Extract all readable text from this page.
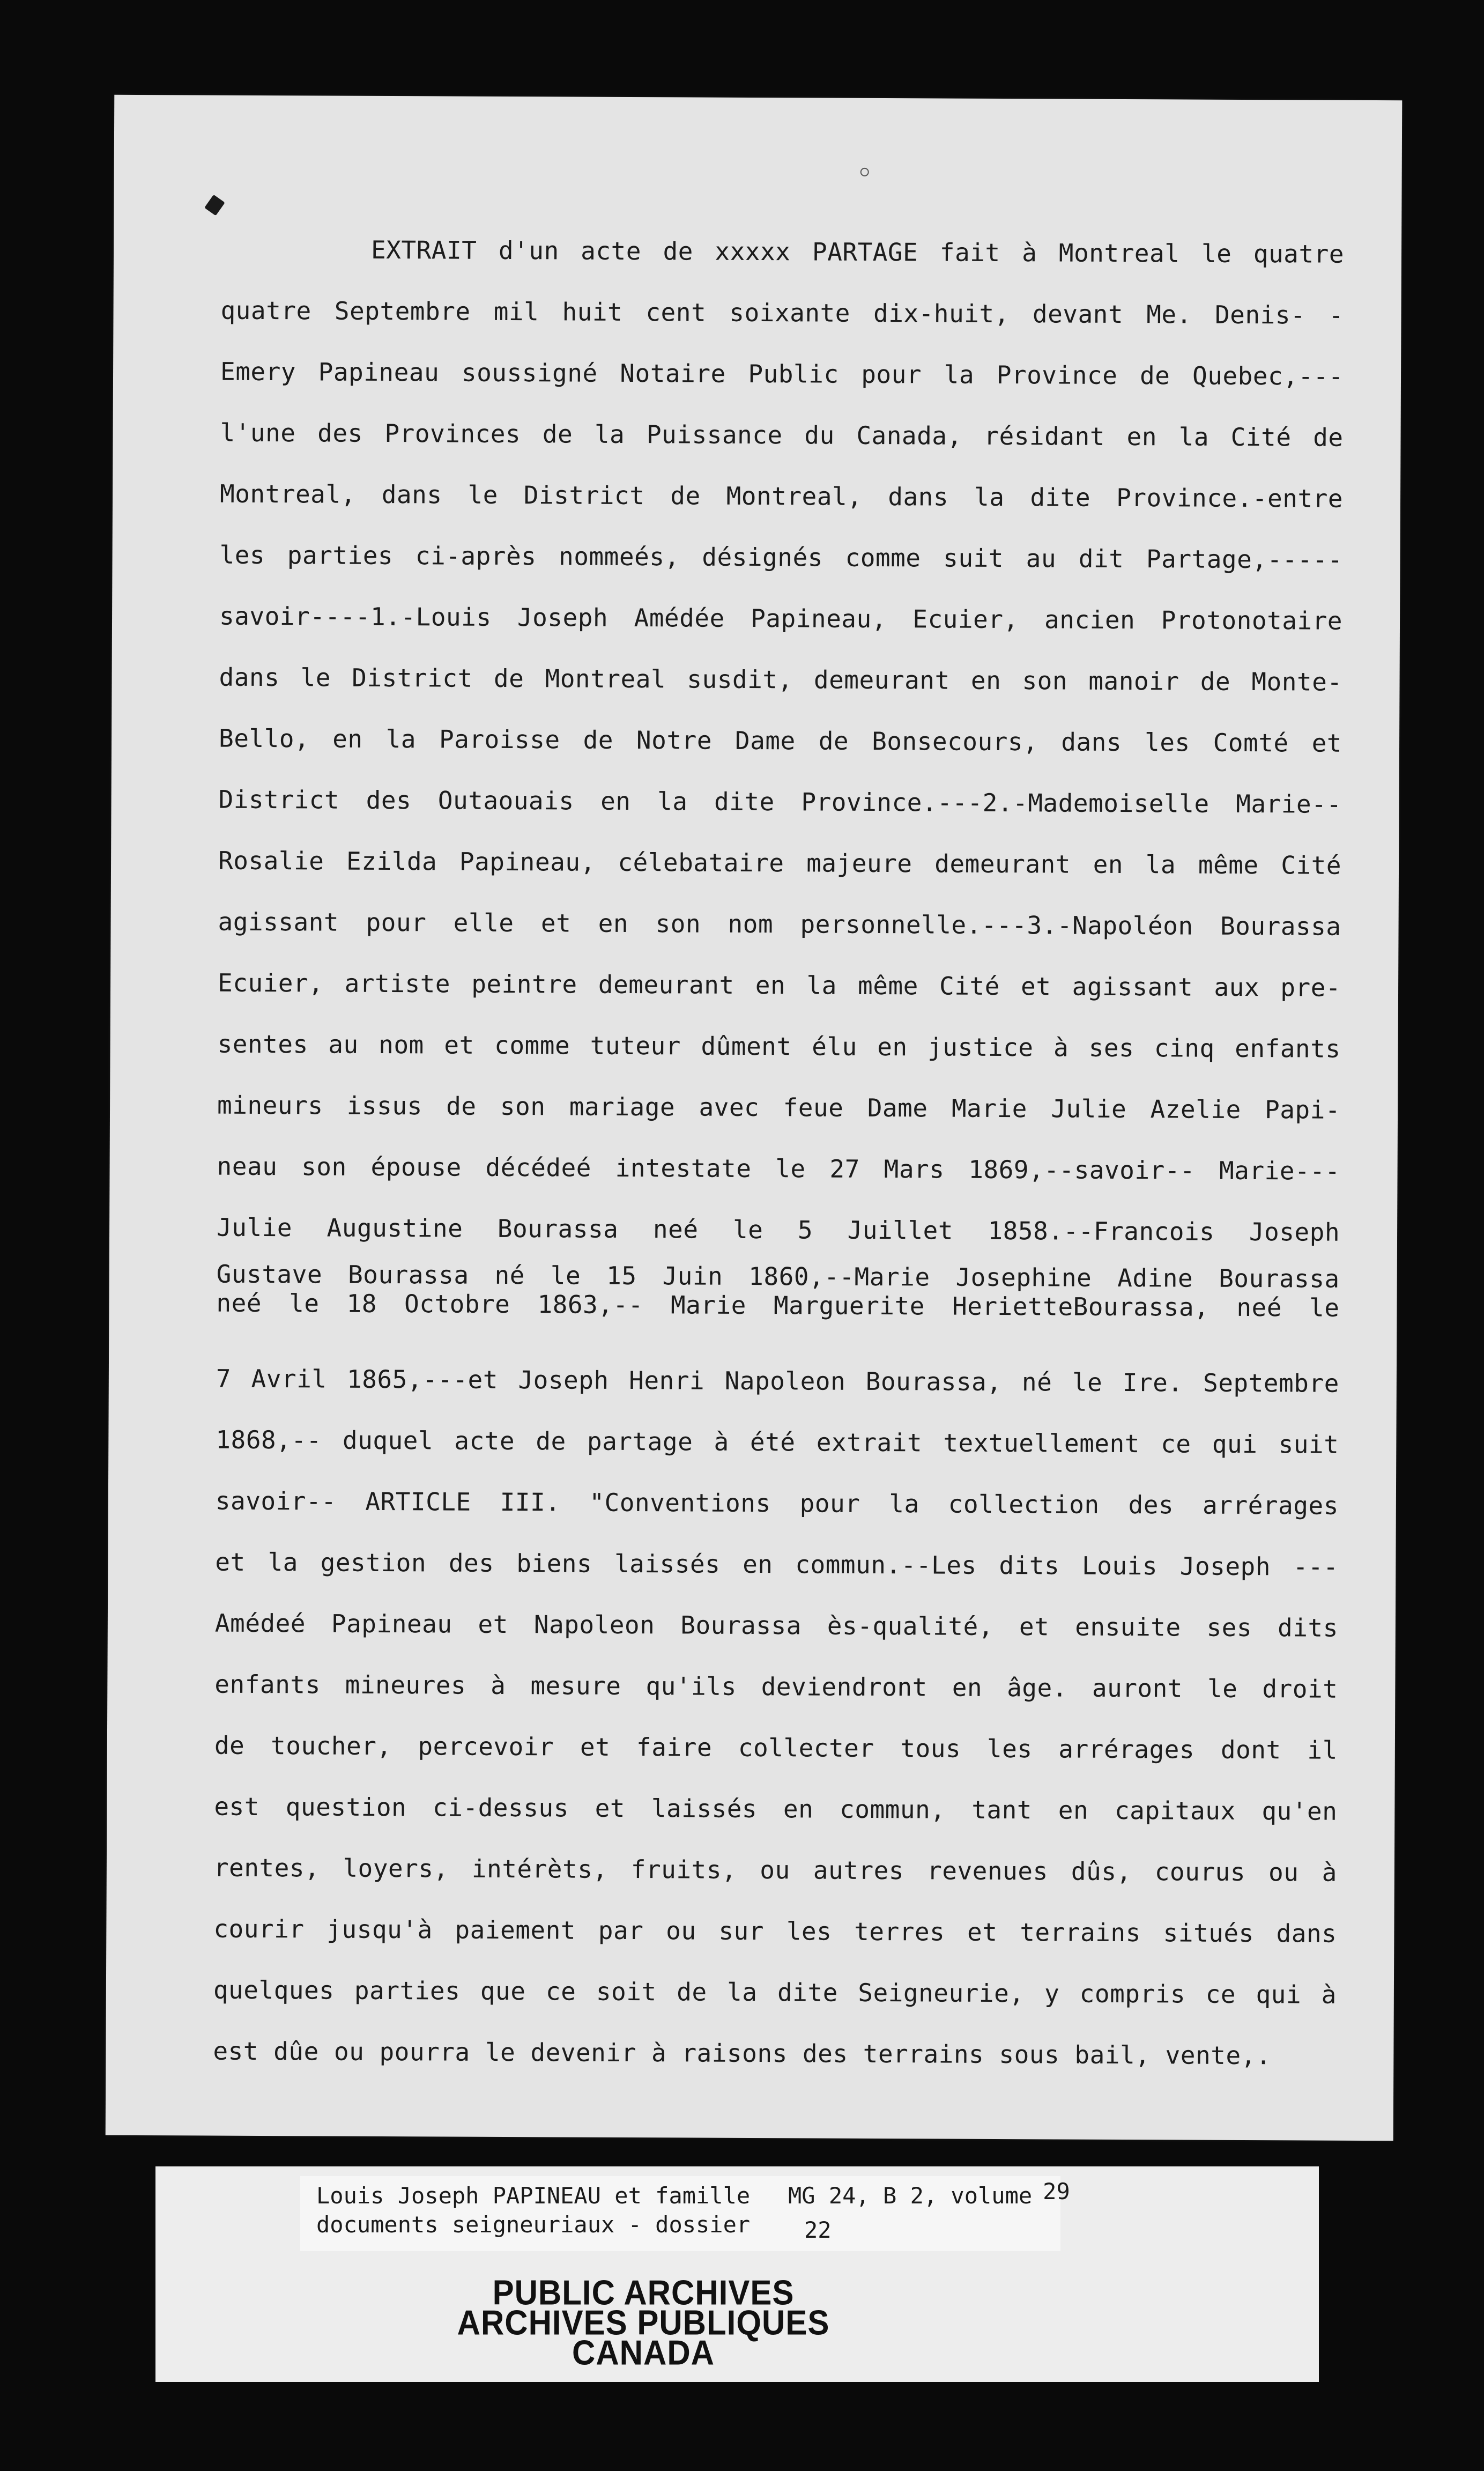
EXTRAIT d'un acte de xxxxx PARTAGE fait à Montreal le quatre
quatre Septembre mil huit cent soixante dix-huit, devant Me. Denis- -
Emery Papineau soussigné Notaire Public pour la Province de Quebec,---
l'une des Provinces de la Puissance du Canada, résidant en la Cité de
Montreal, dans le District de Montreal, dans la dite Province.-entre
les parties ci-après nommeés, désignés comme suit au dit Partage,-----
savoir----1.-Louis Joseph Amédée Papineau, Ecuier, ancien Protonotaire
dans le District de Montreal susdit, demeurant en son manoir de Monte-
Bello, en la Paroisse de Notre Dame de Bonsecours, dans les Comté et
District des Outaouais en la dite Province.---2.-Mademoiselle Marie--
Rosalie Ezilda Papineau, célebataire majeure demeurant en la même Cité
agissant pour elle et en son nom personnelle.---3.-Napoléon Bourassa
Ecuier, artiste peintre demeurant en la même Cité et agissant aux pre-
sentes au nom et comme tuteur dûment élu en justice à ses cinq enfants
mineurs issus de son mariage avec feue Dame Marie Julie Azelie Papi-
neau son épouse décédeé intestate le 27 Mars 1869,--savoir-- Marie---
Julie Augustine Bourassa neé le 5 Juillet 1858.--Francois Joseph
Gustave Bourassa né le 15 Juin 1860,--Marie Josephine Adine Bourassa
neé le 18 Octobre 1863,-- Marie Marguerite HerietteBourassa, neé le
7 Avril 1865,---et Joseph Henri Napoleon Bourassa, né le Ire. Septembre
1868,-- duquel acte de partage à été extrait textuellement ce qui suit
savoir-- ARTICLE III. "Conventions pour la collection des arrérages
et la gestion des biens laissés en commun.--Les dits Louis Joseph ---
Amédeé Papineau et Napoleon Bourassa ès-qualité, et ensuite ses dits
enfants mineures à mesure qu'ils deviendront en âge. auront le droit
de toucher, percevoir et faire collecter tous les arrérages dont il
est question ci-dessus et laissés en commun, tant en capitaux qu'en
rentes, loyers, intérèts, fruits, ou autres revenues dûs, courus ou à
courir jusqu'à paiement par ou sur les terres et terrains situés dans
quelques parties que ce soit de la dite Seigneurie, y compris ce qui à
est dûe ou pourra le devenir à raisons des terrains sous bail, vente,.
Louis Joseph PAPINEAU et famille MG 24, B 2, volume 29
documents seigneuriaux - dossier 22
PUBLIC ARCHIVES
ARCHIVES PUBLIQUES
CANADA
